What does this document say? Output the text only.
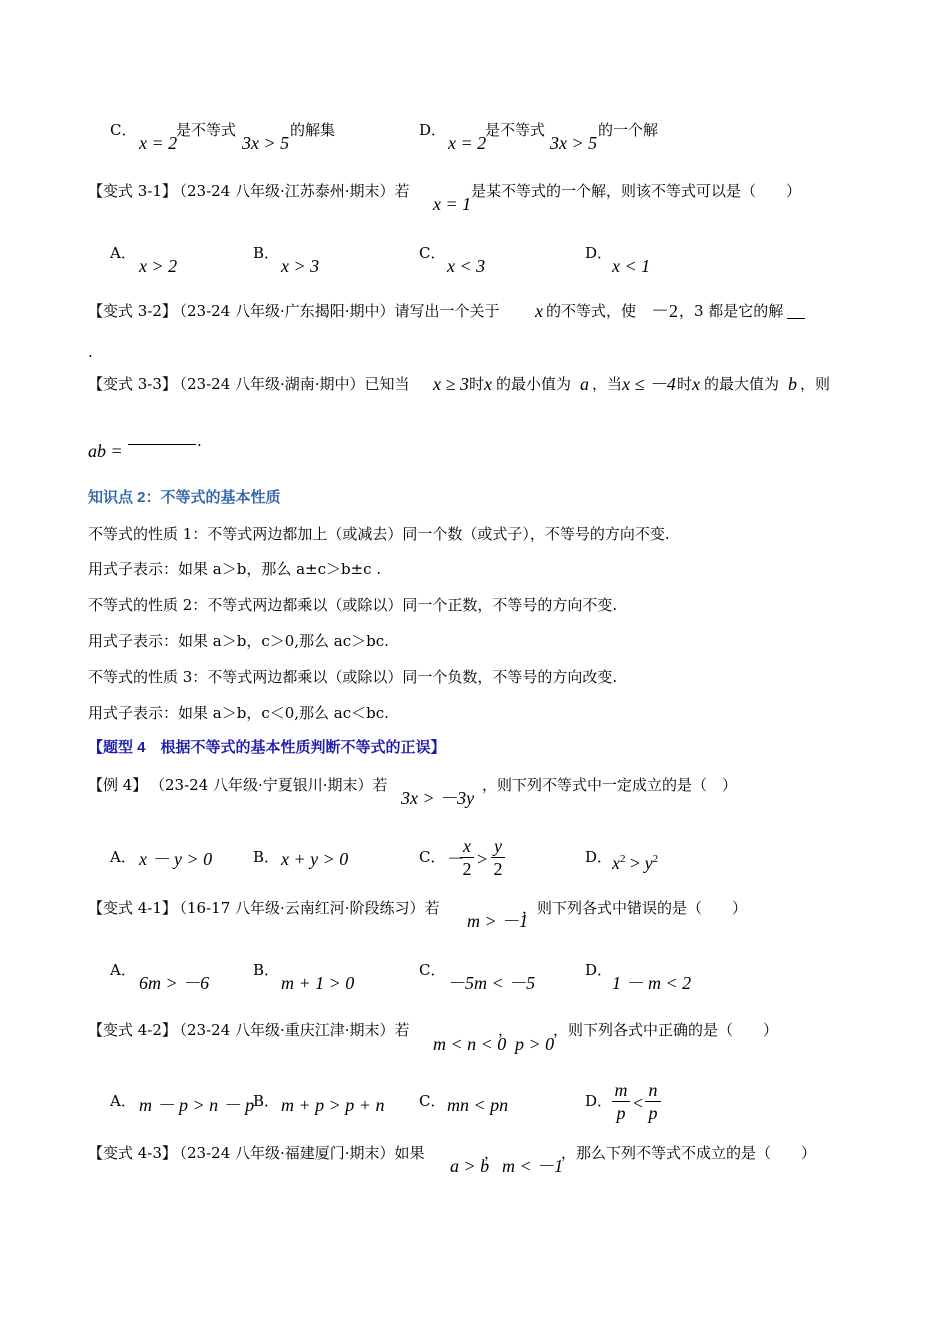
C．
x = 2
是不等式
3x > 5
的解集	D．
x = 2
是不等式
3x > 5
的一个解
【变式 3-1】
（23-24 八年级·江苏泰州·期末）若
x = 1
是某不等式的一个解，则该不等式可以是（　　）
A．
x > 2
B．
x > 3
C．
x < 3
D．
x < 1
【变式 3-2】
（23-24 八年级·广东揭阳·期中）请写出一个关于 x 的不等式，使 －2 ，3 都是它的解
.
【变式 3-3】
（23-24 八年级·湖南·期中）已知当 x ≥ 3 时 x 的最小值为 a ，当 x ≤ －4 时 x 的最大值为 b ，则
ab =	.
知识点 2：不等式的基本性质
不等式的性质 1：不等式两边都加上（或减去）同一个数（或式子），不等号的方向不变.
用式子表示：如果 a＞b，那么 a±c＞b±c .
不等式的性质 2：不等式两边都乘以（或除以）同一个正数，不等号的方向不变.
用式子表示：如果 a＞b，c＞0,那么 ac＞bc.
不等式的性质 3：不等式两边都乘以（或除以）同一个负数，不等号的方向改变.
用式子表示：如果 a＞b，c＜0,那么 ac＜bc.
【题型 4　根据不等式的基本性质判断不等式的正误】
【例 4】 （23-24 八年级·宁夏银川·期末）若
3x > －3y
，则下列不等式中一定成立的是（　）
A． x － y > 0	B． x + y > 0	C． －
x
2 >
y
2
D． $x^2 > y^2$
【变式 4-1】
（16-17 八年级·云南红河·阶段练习）若
m > －1
，则下列各式中错误的是（　　）
A．
6m > －6
B．
m + 1 > 0
C．
－5m < －5
D．
1 － m < 2
【变式 4-2】
（23-24 八年级·重庆江津·期末）若
m < n < 0
，
p > 0
，则下列各式中正确的是（　　）
A． m － p > n － p
B． m + p > p + n C． mn < pn	D．
m
p <
n
p
【变式 4-3】
（23-24 八年级·福建厦门·期末）如果
a > b
，
m < －1
，那么下列不等式不成立的是（　　）
